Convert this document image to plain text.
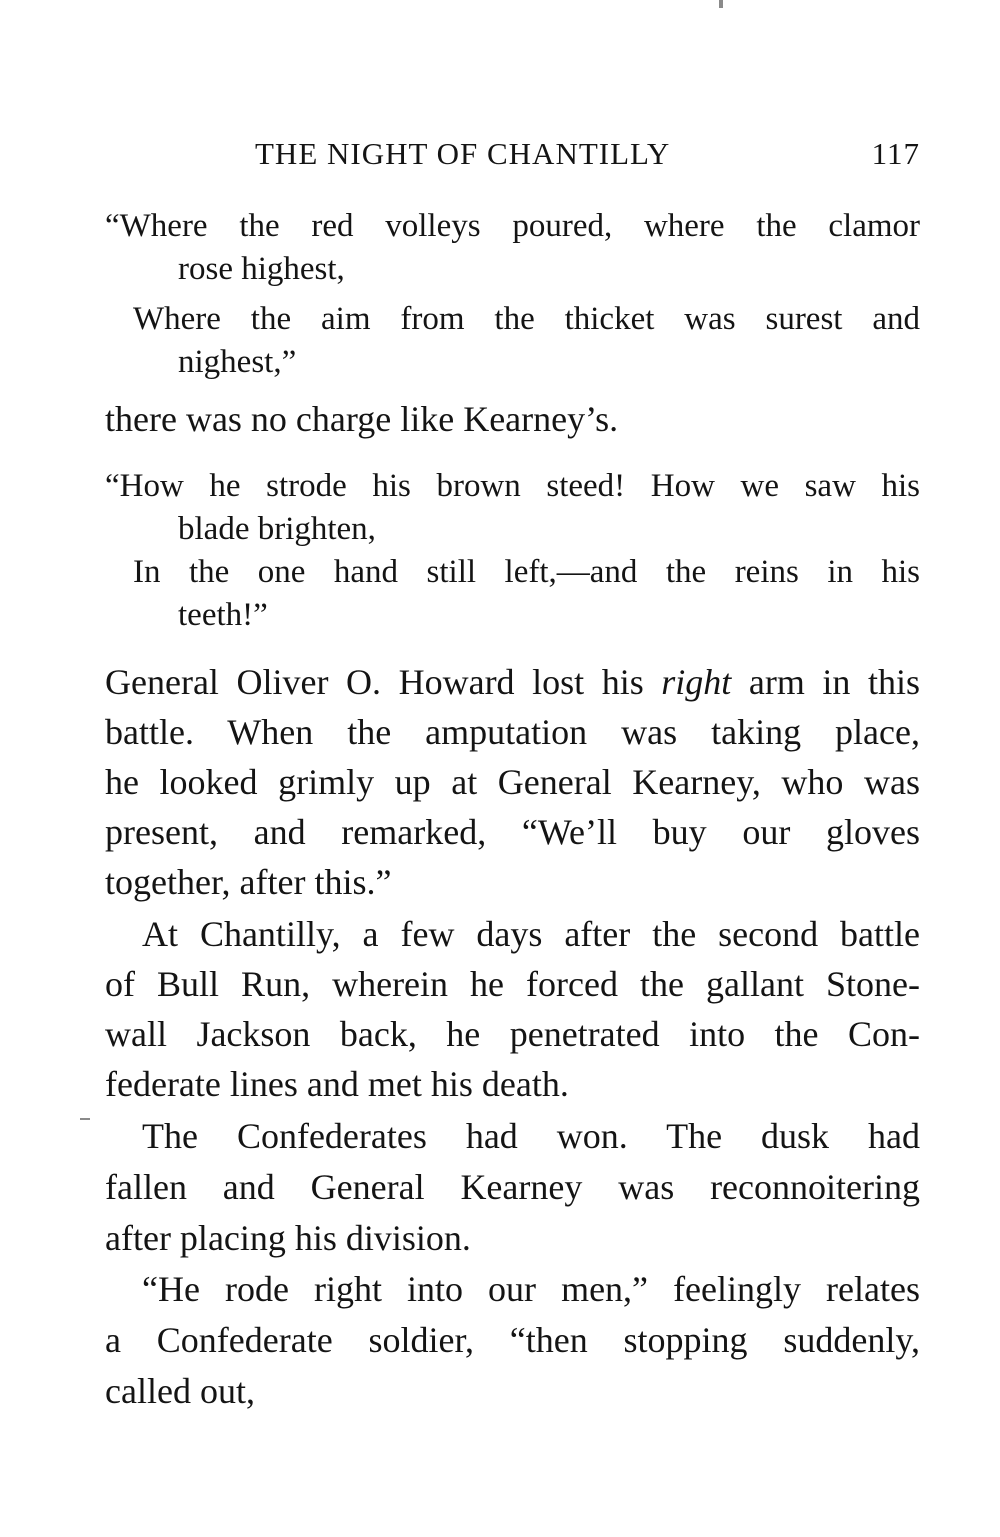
THE NIGHT OF CHANTILLY	117
“Where the red volleys poured, where the clamor
rose highest,
Where the aim from the thicket was surest and
nighest,”
there was no charge like Kearney’s.
“How he strode his brown steed! How we saw his
blade brighten,
In the one hand still left,—and the reins in his
teeth!”
General Oliver O. Howard lost his right arm in this
battle. When the amputation was taking place,
he looked grimly up at General Kearney, who was
present, and remarked, “We’ll buy our gloves
together, after this.”
At Chantilly, a few days after the second battle
of Bull Run, wherein he forced the gallant Stone-
wall Jackson back, he penetrated into the Con-
federate lines and met his death.
The Confederates had won. The dusk had
fallen and General Kearney was reconnoitering
after placing his division.
“He rode right into our men,” feelingly relates
a Confederate soldier, “then stopping suddenly,
called out,
